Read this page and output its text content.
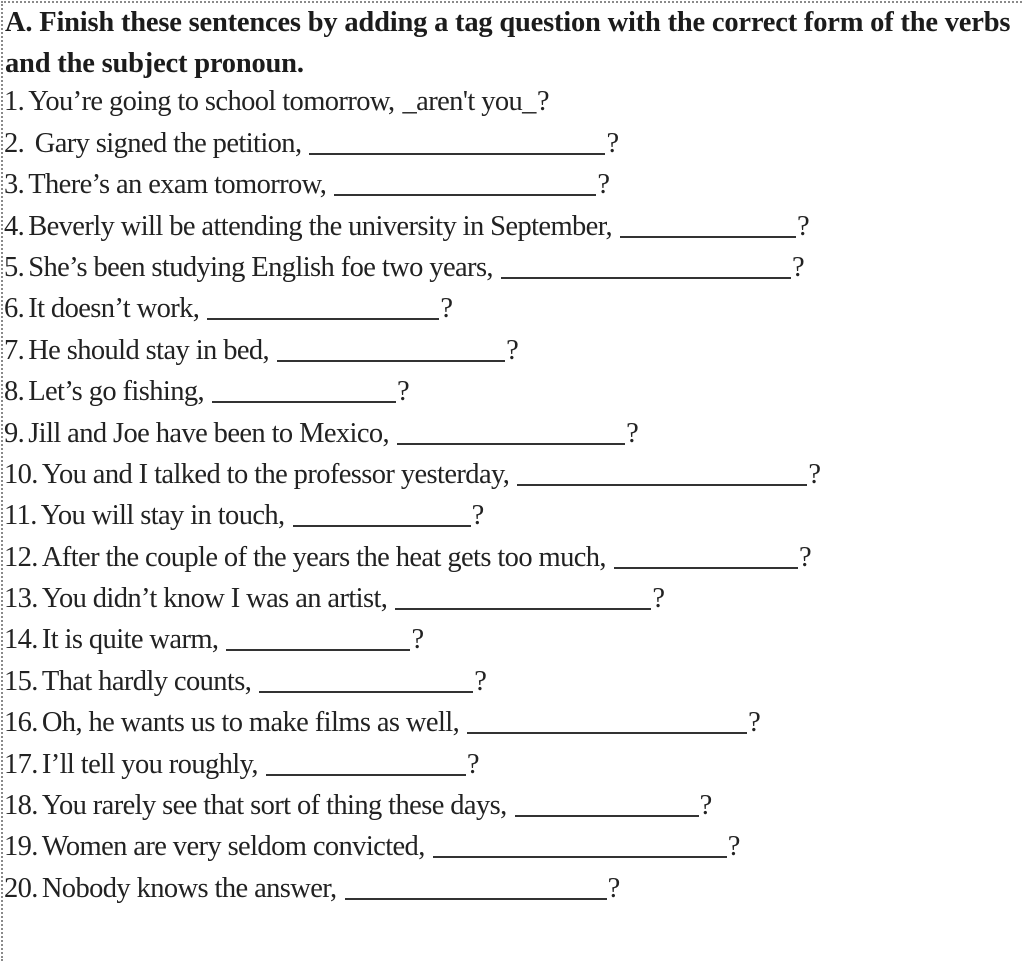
A. Finish these sentences by adding a tag question with the correct form of the verbs and the subject pronoun.

1. You’re going to school tomorrow, _aren't you_ ?
2. Gary signed the petition,	?
3. There’s an exam tomorrow,	?
4. Beverly will be attending the university in September,	?
5. She’s been studying English foe two years,	?
6. It doesn’t work,	?
7. He should stay in bed,	?
8. Let’s go fishing,	?
9. Jill and Joe have been to Mexico,	?
10. You and I talked to the professor yesterday,	?
11. You will stay in touch,	?
12. After the couple of the years the heat gets too much,	?
13. You didn’t know I was an artist,	?
14. It is quite warm,	?
15. That hardly counts,	?
16. Oh, he wants us to make films as well,	?
17. I’ll tell you roughly,	?
18. You rarely see that sort of thing these days,	?
19. Women are very seldom convicted,	?
20. Nobody knows the answer,	?
